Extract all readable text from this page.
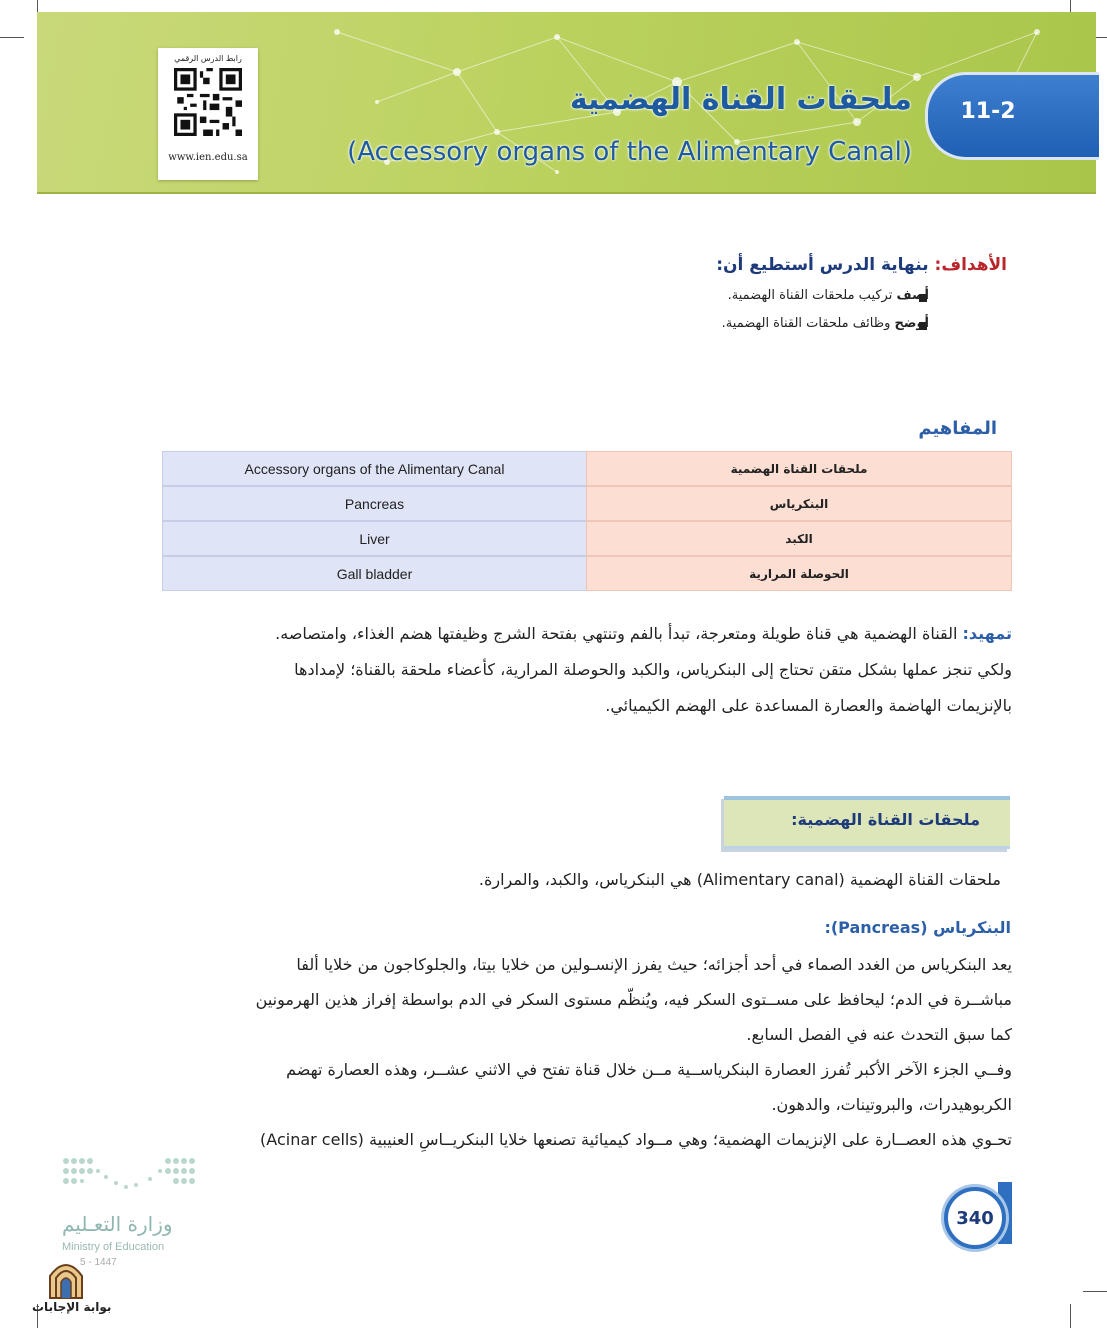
رابط الدرس الرقمي
www.ien.edu.sa
ملحقات القناة الهضمية
(Accessory organs of the Alimentary Canal)
11-2
الأهداف: بنهاية الدرس أستطيع أن:
أصف تركيب ملحقات القناة الهضمية.
أوضح وظائف ملحقات القناة الهضمية.
المفاهيم
Accessory organs of the Alimentary Canal	ملحقات القناة الهضمية
Pancreas	البنكرياس
Liver	الكبد
Gall bladder	الحوصلة المرارية
تمهيد: القناة الهضمية هي قناة طويلة ومتعرجة، تبدأ بالفم وتنتهي بفتحة الشرج وظيفتها هضم الغذاء، وامتصاصه.
ولكي تنجز عملها بشكل متقن تحتاج إلى البنكرياس، والكبد والحوصلة المرارية، كأعضاء ملحقة بالقناة؛ لإمدادها
بالإنزيمات الهاضمة والعصارة المساعدة على الهضم الكيميائي.
ملحقات القناة الهضمية:
ملحقات القناة الهضمية (Alimentary canal) هي البنكرياس، والكبد، والمرارة.
البنكرياس (Pancreas):
يعد البنكرياس من الغدد الصماء في أحد أجزائه؛ حيث يفرز الإنسـولين من خلايا بيتا، والجلوكاجون من خلايا ألفا
مباشــرة في الدم؛ ليحافظ على مســتوى السكر فيه، ويُنظّم مستوى السكر في الدم بواسطة إفراز هذين الهرمونين
كما سبق التحدث عنه في الفصل السابع.
وفــي الجزء الآخر الأكبر تُفرز العصارة البنكرياســية مــن خلال قناة تفتح في الاثني عشــر، وهذه العصارة تهضم
الكربوهيدرات، والبروتينات، والدهون.
تحـوي هذه العصــارة على الإنزيمات الهضمية؛ وهي مــواد كيميائية تصنعها خلايا البنكريــاسِ العنيبية (Acinar cells)
340
وزارة التعـليم
Ministry of Education
5 - 1447
بوابة الإجابات
